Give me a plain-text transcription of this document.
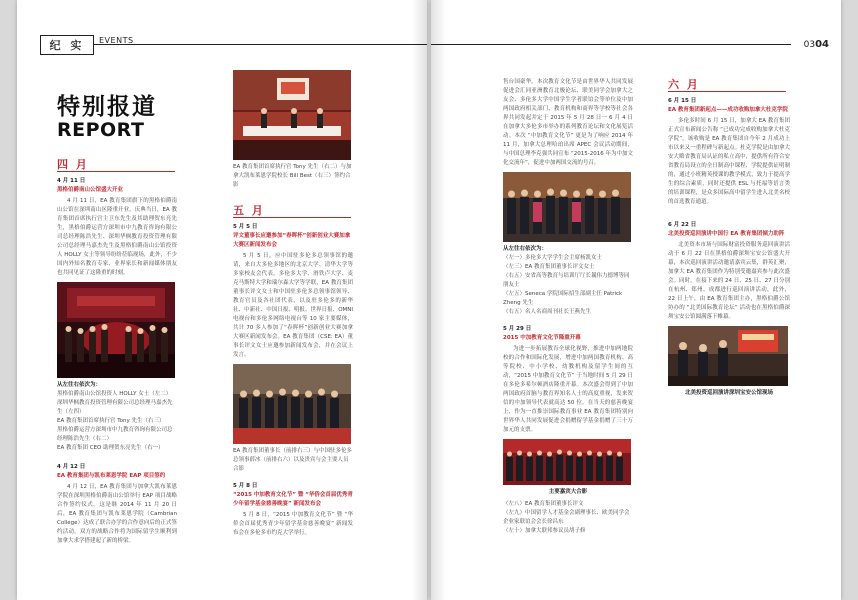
纪 实	EVENTS
特别报道
REPORT
四 月
4 月 11 日
黑格伯爵南山公馆盛大开业

4 月 11 日，EA 教育集团旗下的黑格伯爵南山公馆在深圳南山区隆重开业。庆典当日，EA 教育集团首席执行官主卫东先生及其助理贺东亮先生，黑格伯爵运营方深圳市中九教育咨询有限公司总经理陈浩先生、深圳华枫教育投资管理有限公司总经理马嘉杰先生及黑格伯爵南山公馆投资人 HOLLY 女士等领导纷纷莅临现场，此外，不少国内外知名教育专家、业界家长和新闻媒体朋友也共同见证了这隆重的时刻。

从左往右依次为：

黑格伯爵南山公馆投资人 HOLLY 女士（左二）

深圳华枫教育投资管理有限公司总经理马嘉杰先生（左四）

EA 教育集团首席执行官 Tony 先生（右三）

黑格伯爵运营方深圳市中九教育咨询有限公司总经理陈浩先生（右二）

EA 教育集团 CEO 助理贺东亮先生（右一）

4 月 12 日
EA 教育集团与凯布莱恩学院 EAP 项目签约

4 月 12 日，EA 教育集团与加拿大凯布莱恩学院在深圳黑格伯爵南山公馆举行 EAP 项目战略合作签约仪式。这是继 2014 年 11 月 20 日后，EA 教育集团与凯布莱恩学院（Cambrian College）达成了联合办学的合作意向后的正式签约活动，双方的战略合作将为国际留学生顺利到加拿大求学搭建起了新的桥梁。

EA 教育集团首席执行官 Tony 先生（右二）与加拿大凯布莱恩学院校长 Bill Best（右三）签约合影

五 月
5 月 5 日
评文董事长应邀参加“春晖杯”创新创业大赛加拿大赛区新闻发布会

5 月 5 日，应中国驻多伦多总领事馆的邀请，来自大多伦多地区的北京大学、清华大学等多家校友会代表，多伦多大学、滑铁卢大学、麦克马斯特大学和瑞尔森大学等学联，EA 教育集团董事长评文女士和中国驻多伦多总领事馆领导、教育官员及各社团代表，以及驻多伦多的新华社、中新社、中国日报、明报、世界日报、OMNI 电视台和多伦多网络电视台等 10 家主要媒体，共计 70 多人参加了“春晖杯”创新创业大赛加拿大赛区新闻发布会。EA 教育集团（CSE: EA）董事长评文女士应邀参加新闻发布会，并在会议上发言。

EA 教育集团董事长（前排右三）与中国驻多伦多总领事薛冰（前排右六）以及贵宾与会主要人员合影

5 月 8 日
“2015 中加教育文化节” 暨 “华侨会首届优秀青少年留学基金慈善晚宴” 新闻发布会

5 月 8 日，“2015 中加教育文化节” 暨 “华侨会首届优秀青少年留学基金慈善晚宴” 新闻发布会在多伦多市约克大学举行。

0304

售台国豪华。本次教育文化节是由世界华人共同发展促进会汇同亚洲教育北极论坛、联美同学会加拿大之友会、多伦多大学中国学生学者联谊会等单位及中加两国政府相关部门、教育机构和商界等学校等社会各界共同发起并定于 2015 年 5 月 28 日一 6 月 4 日在加拿大多伦多市举办的系列教育论坛和文化展览活动。本次 “中加教育文化节” 更是为了响应 2014 年 11 月，加拿大总理哈珀出席 APEC 会议活动期间，与中国总理李克强共同宣布 “2015-2016 年为中加文化交流年”，促进中加两国交流的号召。

从左往右依次为：

（左一）多伦多大学学生会主席杨凯女士

（左三）EA 教育集团董事长评文女士

（右五）安省高等教育与培训厅厅长曩伟力德博等同朋友士

（左五）Seneca 学院国际招生部副主任 Patrick Zheng 先生

（右五）名人名商周刊社长王燕先生

5 月 29 日
2015 中加教育文化节隆重开幕

为进一步拓展教育全球化视野，推进中加两地院校的合作和国际化发展，增进中加两国教育机构、高等院校、中小学校、幼教机构及留学生间的互动，“2015 中加教育文化节” 于当地时间 5 月 29 日在多伦多希尔顿酒店隆重开幕。本次盛会得到了中加两国政府首脑与教育界知名人士的高度重视，发来贺信的中加领导代表就高达 50 位。在当天的慈善晚宴上，作为一直推崇国际教育事业 EA 教育集团特别向世界华人共同发展促进会捐赠留学基金捐赠了三十万加元的支票。

主要嘉宾大合影

（左八）EA 教育集团董事长评文

（左九）中国留学人才基金会副理事长、欧美同学会企业家联谊会会长徐昌东

（左十）加拿大联邦参议员胡子修

六 月
6 月 15 日
EA 教育集团新起点——成功收购加拿大杜克学院

多伦多时间 6 月 15 日，加拿大 EA 教育集团正式宣布新闻公告称 “已成功完成收购加拿大杜克学院”，该收购是 EA 教育集团自今年 2 月成功上市以来又一重程碑与新起点。杜克学院是由加拿大安大略省教育局认证的私立高中，提供所有符合安省教育局设立的全日制高中课程、学院提供证明制的，通过小班精英授课的教学模式，致力于提高学生的综合素质，同时还提供 ESL 与托福等语言类的培训课程，是众多国际高中留学生进入北美名校的首选教育通道。

6 月 22 日
北美投资巡回演讲中国行 EA 教育集团倾力助阵

北美资本市场与国际财富投资服务巡回演讲活动于 6 月 22 日在黑格伯爵深圳宝安公馆盛大开幕，本次巡回演讲活动邀请嘉宾云集，群英汇聚，加拿大 EA 教育集团作为特别受邀嘉宾参与此次盛会。同时，在接下来的 24 日、25 日、27 日分别在杭州、郑州、成都进行巡回演讲活动，此外，22 日上午，由 EA 教育集团主办，黑格伯爵公馆协办的 “北美国际教育论坛” 活动也在黑格伯爵深圳宝安公馆圆满落下帷幕。

北美投资巡回演讲深圳宝安公馆现场
